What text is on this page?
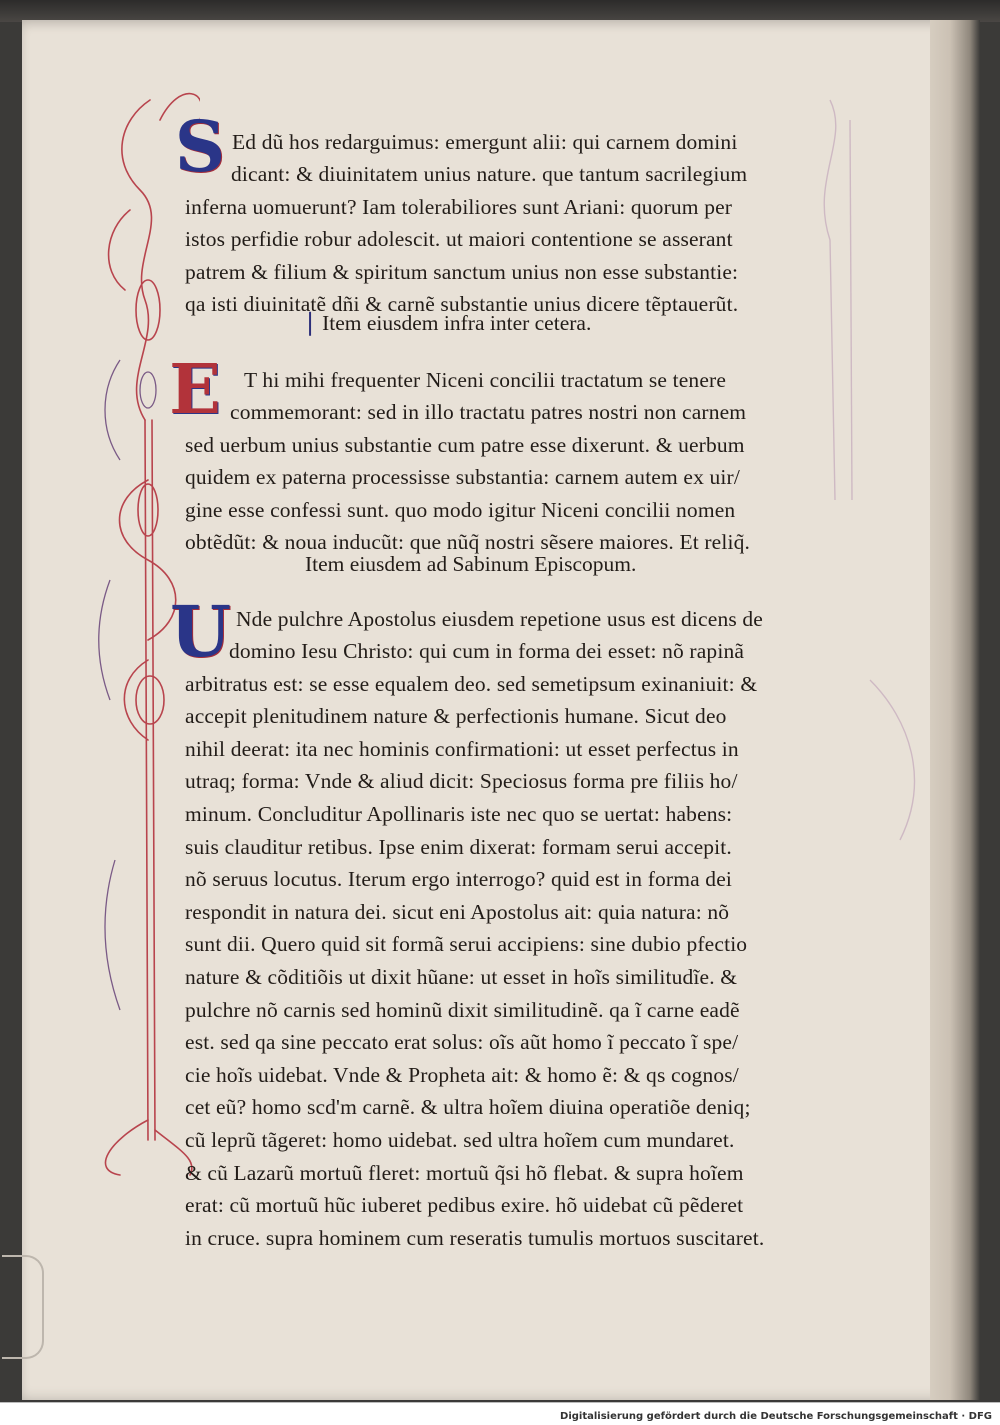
S Ed dũ hos redarguimus: emergunt alii: qui carnem domini
dicant: & diuinitatem unius nature. que tantum sacrilegium
inferna uomuerunt? Iam tolerabiliores sunt Ariani: quorum per
istos perfidie robur adolescit. ut maiori contentione se asserant
patrem & filium & spiritum sanctum unius non esse substantie:
qa isti diuinitatẽ dñi & carnẽ substantie unius dicere tẽptauerũt.
❘Item eiusdem infra inter cetera.
E T hi mihi frequenter Niceni concilii tractatum se tenere
commemorant: sed in illo tractatu patres nostri non carnem
sed uerbum unius substantie cum patre esse dixerunt. & uerbum
quidem ex paterna processisse substantia: carnem autem ex uir/
gine esse confessi sunt. quo modo igitur Niceni concilii nomen
obtẽdũt: & noua inducũt: que nũq̃ nostri sẽsere maiores. Et reliq̃.
Item eiusdem ad Sabinum Episcopum.
U Nde pulchre Apostolus eiusdem repetione usus est dicens de
domino Iesu Christo: qui cum in forma dei esset: nõ rapinã
arbitratus est: se esse equalem deo. sed semetipsum exinaniuit: &
accepit plenitudinem nature & perfectionis humane. Sicut deo
nihil deerat: ita nec hominis confirmationi: ut esset perfectus in
utraq; forma: Vnde & aliud dicit: Speciosus forma pre filiis ho/
minum. Concluditur Apollinaris iste nec quo se uertat: habens:
suis clauditur retibus. Ipse enim dixerat: formam serui accepit.
nõ seruus locutus. Iterum ergo interrogo? quid est in forma dei
respondit in natura dei. sicut eni Apostolus ait: quia natura: nõ
sunt dii. Quero quid sit formã serui accipiens: sine dubio pfectio
nature & cõditiõis ut dixit hũane: ut esset in hoĩs similitudĩe. &
pulchre nõ carnis sed hominũ dixit similitudinẽ. qa ĩ carne eadẽ
est. sed qa sine peccato erat solus: oĩs aũt homo ĩ peccato ĩ spe/
cie hoĩs uidebat. Vnde & Propheta ait: & homo ẽ: & qs cognos/
cet eũ? homo scd'm carnẽ. & ultra hoĩem diuina operatiõe deniq;
cũ leprũ tãgeret: homo uidebat. sed ultra hoĩem cum mundaret.
& cũ Lazarũ mortuũ fleret: mortuũ q̃si hõ flebat. & supra hoĩem
erat: cũ mortuũ hũc iuberet pedibus exire. hõ uidebat cũ pẽderet
in cruce. supra hominem cum reseratis tumulis mortuos suscitaret.
Digitalisierung gefördert durch die Deutsche Forschungsgemeinschaft · DFG
